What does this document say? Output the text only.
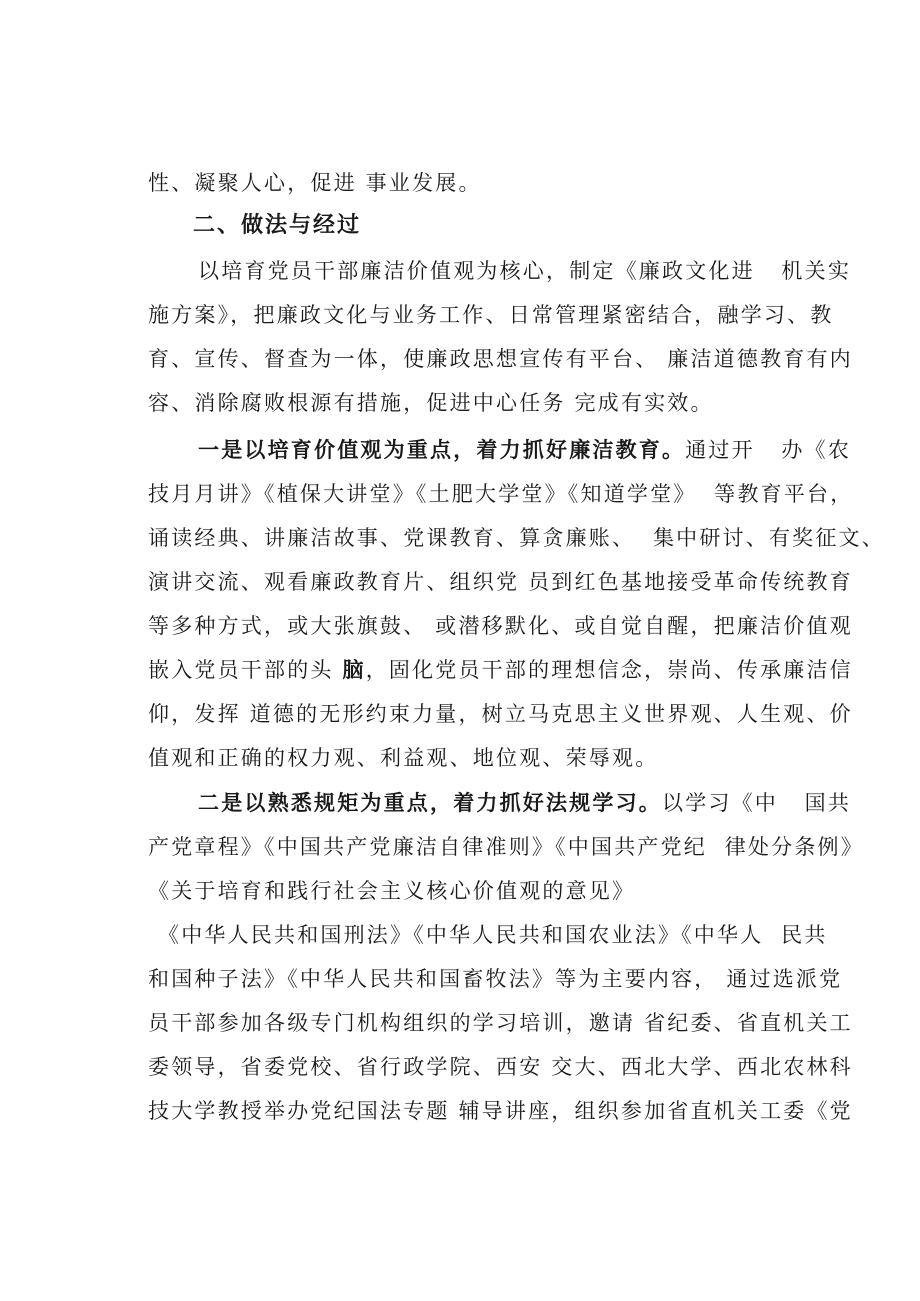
性、凝聚人心，促进 事业发展。
二、做法与经过
以培育党员干部廉洁价值观为核心，制定《廉政文化进   机关实
施方案》，把廉政文化与业务工作、日常管理紧密结合，融学习、教
育、宣传、督查为一体，使廉政思想宣传有平台、 廉洁道德教育有内
容、消除腐败根源有措施，促进中心任务 完成有实效。
一是以培育价值观为重点，着力抓好廉洁教育。通过开   办《农
技月月讲》《植保大讲堂》《土肥大学堂》《知道学堂》  等教育平台，
诵读经典、讲廉洁故事、党课教育、算贪廉账、  集中研讨、有奖征文、
演讲交流、观看廉政教育片、组织党 员到红色基地接受革命传统教育
等多种方式，或大张旗鼓、 或潜移默化、或自觉自醒，把廉洁价值观
嵌入党员干部的头 脑，固化党员干部的理想信念，崇尚、传承廉洁信
仰，发挥 道德的无形约束力量，树立马克思主义世界观、人生观、价
值观和正确的权力观、利益观、地位观、荣辱观。
二是以熟悉规矩为重点，着力抓好法规学习。以学习《中   国共
产党章程》《中国共产党廉洁自律准则》《中国共产党纪  律处分条例》
《关于培育和践行社会主义核心价值观的意见》
《中华人民共和国刑法》《中华人民共和国农业法》《中华人  民共
和国种子法》《中华人民共和国畜牧法》等为主要内容， 通过选派党
员干部参加各级专门机构组织的学习培训，邀请 省纪委、省直机关工
委领导，省委党校、省行政学院、西安 交大、西北大学、西北农林科
技大学教授举办党纪国法专题 辅导讲座，组织参加省直机关工委《党
